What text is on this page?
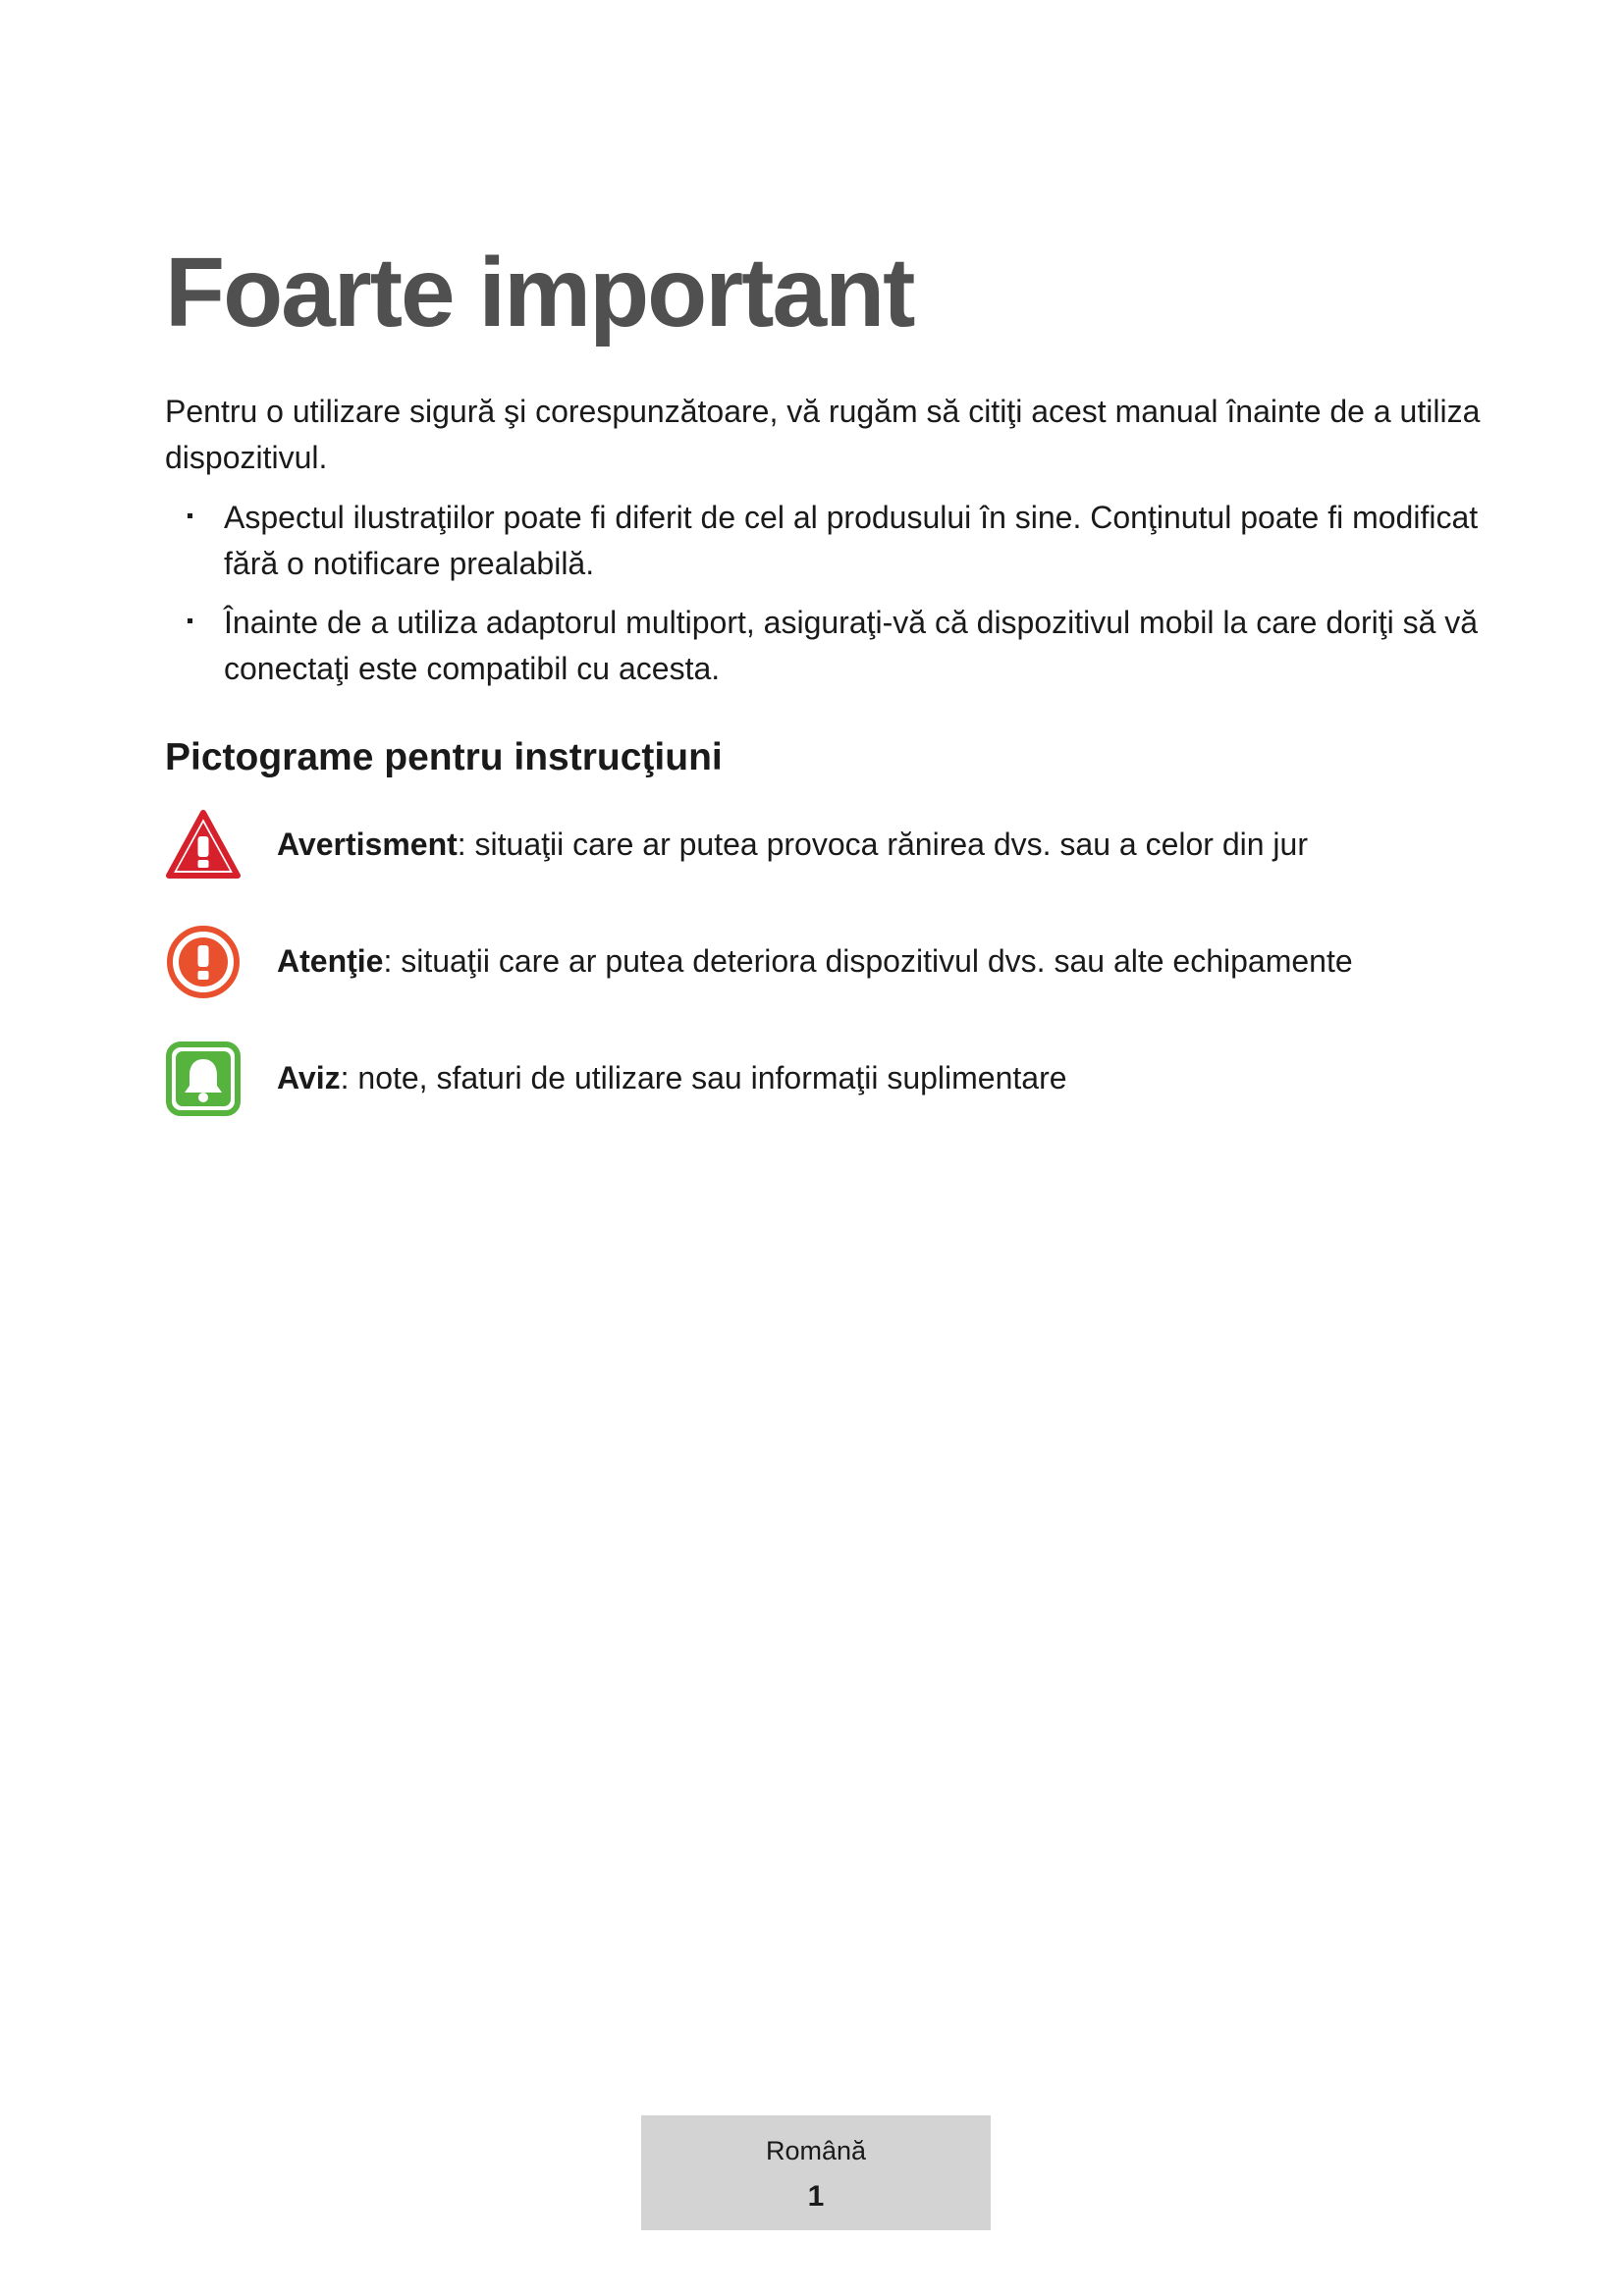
Foarte important

Pentru o utilizare sigură şi corespunzătoare, vă rugăm să citiţi acest manual înainte de a utiliza dispozitivul.

Aspectul ilustraţiilor poate fi diferit de cel al produsului în sine. Conţinutul poate fi modificat fără o notificare prealabilă.
Înainte de a utiliza adaptorul multiport, asiguraţi-vă că dispozitivul mobil la care doriţi să vă conectaţi este compatibil cu acesta.
Pictograme pentru instrucţiuni
Avertisment: situaţii care ar putea provoca rănirea dvs. sau a celor din jur
Atenţie: situaţii care ar putea deteriora dispozitivul dvs. sau alte echipamente
Aviz: note, sfaturi de utilizare sau informaţii suplimentare
Română
1
